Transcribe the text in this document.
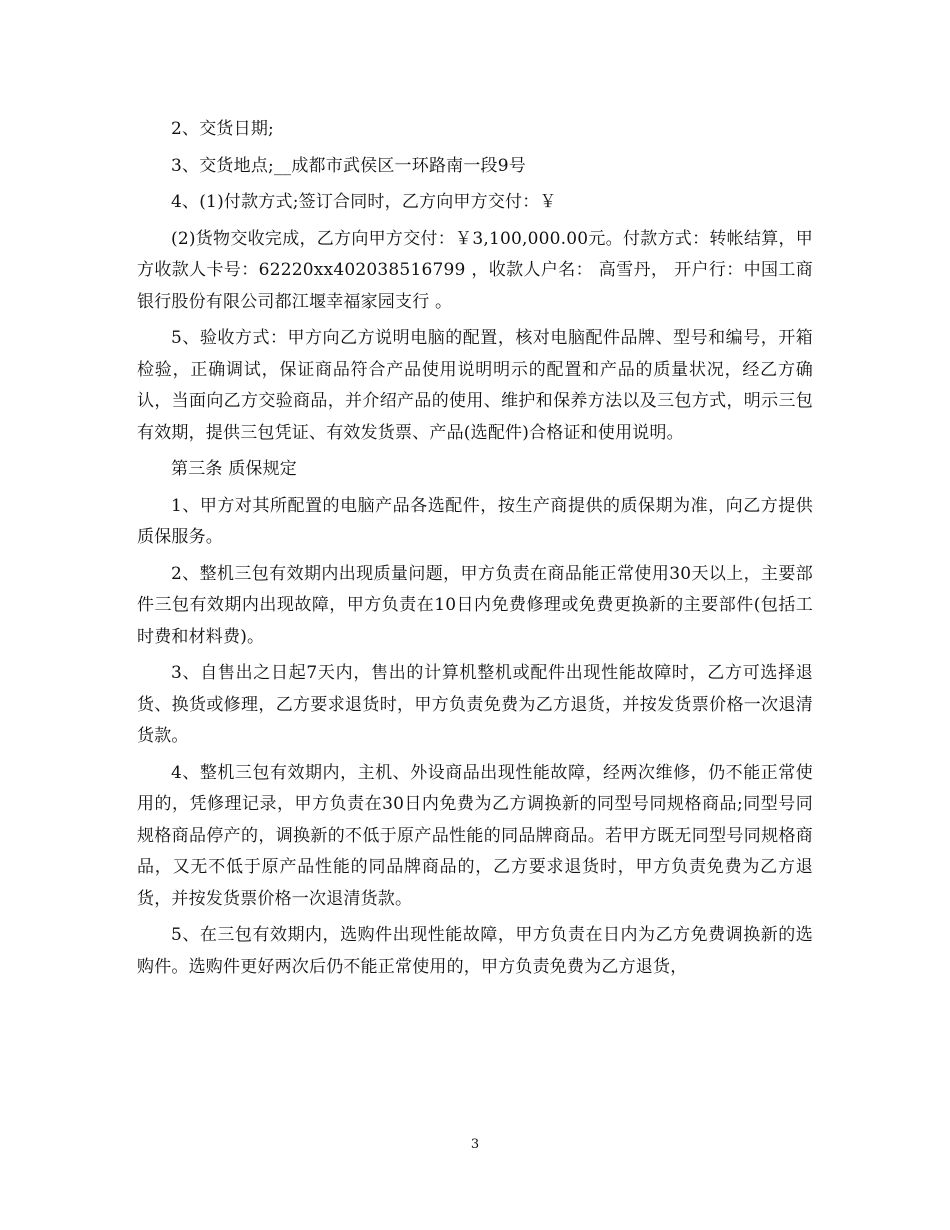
2、交货日期;

3、交货地点;__成都市武侯区一环路南一段9号

4、(1)付款方式;签订合同时，乙方向甲方交付：￥

(2)货物交收完成，乙方向甲方交付：￥3,100,000.00元。付款方式：转帐结算，甲方收款人卡号：62220xx402038516799 ，收款人户名： 高雪丹， 开户行：中国工商银行股份有限公司都江堰幸福家园支行 。

5、验收方式：甲方向乙方说明电脑的配置，核对电脑配件品牌、型号和编号，开箱检验，正确调试，保证商品符合产品使用说明明示的配置和产品的质量状况，经乙方确认，当面向乙方交验商品，并介绍产品的使用、维护和保养方法以及三包方式，明示三包有效期，提供三包凭证、有效发货票、产品(选配件)合格证和使用说明。

第三条 质保规定

1、甲方对其所配置的电脑产品各选配件，按生产商提供的质保期为准，向乙方提供质保服务。

2、整机三包有效期内出现质量问题，甲方负责在商品能正常使用30天以上，主要部件三包有效期内出现故障，甲方负责在10日内免费修理或免费更换新的主要部件(包括工时费和材料费)。

3、自售出之日起7天内，售出的计算机整机或配件出现性能故障时，乙方可选择退货、换货或修理，乙方要求退货时，甲方负责免费为乙方退货，并按发货票价格一次退清货款。

4、整机三包有效期内，主机、外设商品出现性能故障，经两次维修，仍不能正常使用的，凭修理记录，甲方负责在30日内免费为乙方调换新的同型号同规格商品;同型号同规格商品停产的，调换新的不低于原产品性能的同品牌商品。若甲方既无同型号同规格商品，又无不低于原产品性能的同品牌商品的，乙方要求退货时，甲方负责免费为乙方退货，并按发货票价格一次退清货款。

5、在三包有效期内，选购件出现性能故障，甲方负责在日内为乙方免费调换新的选购件。选购件更好两次后仍不能正常使用的，甲方负责免费为乙方退货，

3
